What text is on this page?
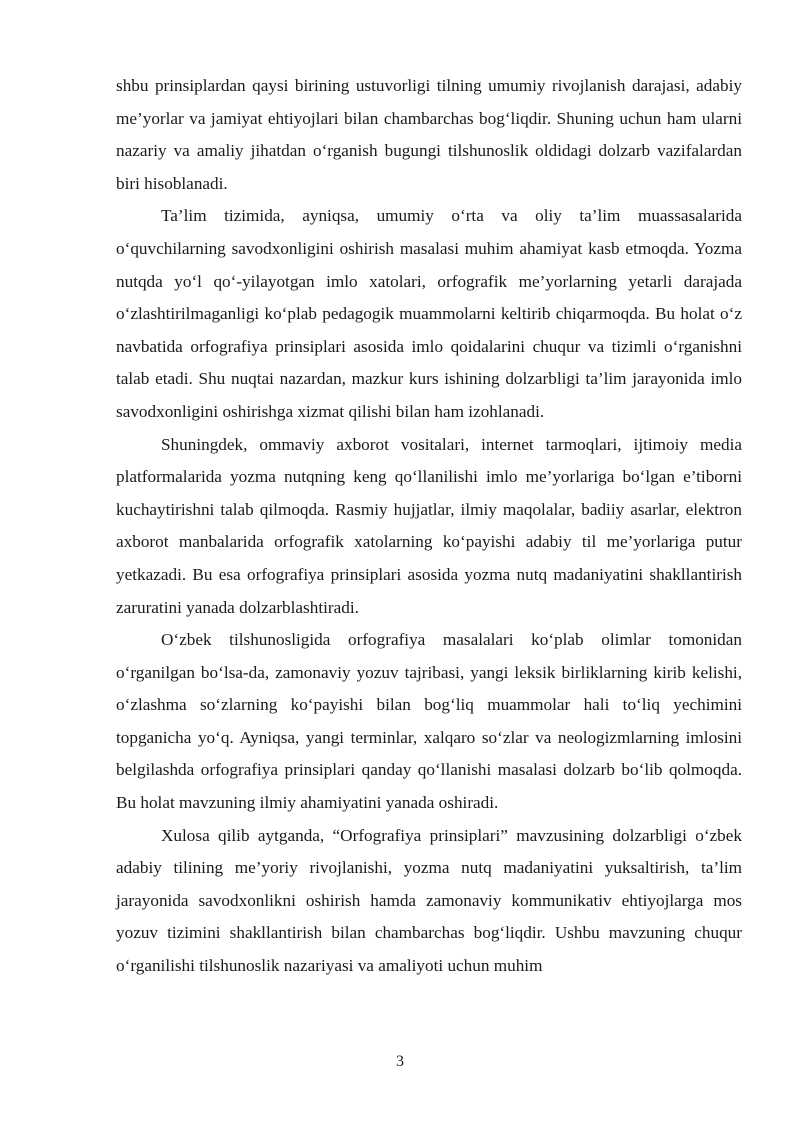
shbu prinsiplardan qaysi birining ustuvorligi tilning umumiy rivojlanish darajasi, adabiy me’yorlar va jamiyat ehtiyojlari bilan chambarchas bog‘liqdir. Shuning uchun ham ularni nazariy va amaliy jihatdan o‘rganish bugungi tilshunoslik oldidagi dolzarb vazifalardan biri hisoblanadi.

Ta’lim tizimida, ayniqsa, umumiy o‘rta va oliy ta’lim muassasalarida o‘quvchilarning savodxonligini oshirish masalasi muhim ahamiyat kasb etmoqda. Yozma nutqda yo‘l qo‘-yilayotgan imlo xatolari, orfografik me’yorlarning yetarli darajada o‘zlashtirilmaganligi ko‘plab pedagogik muammolarni keltirib chiqarmoqda. Bu holat o‘z navbatida orfografiya prinsiplari asosida imlo qoidalarini chuqur va tizimli o‘rganishni talab etadi. Shu nuqtai nazardan, mazkur kurs ishining dolzarbligi ta’lim jarayonida imlo savodxonligini oshirishga xizmat qilishi bilan ham izohlanadi.

Shuningdek, ommaviy axborot vositalari, internet tarmoqlari, ijtimoiy media platformalarida yozma nutqning keng qo‘llanilishi imlo me’yorlariga bo‘lgan e’tiborni kuchaytirishni talab qilmoqda. Rasmiy hujjatlar, ilmiy maqolalar, badiiy asarlar, elektron axborot manbalarida orfografik xatolarning ko‘payishi adabiy til me’yorlariga putur yetkazadi. Bu esa orfografiya prinsiplari asosida yozma nutq madaniyatini shakllantirish zaruratini yanada dolzarblashtiradi.

O‘zbek tilshunosligida orfografiya masalalari ko‘plab olimlar tomonidan o‘rganilgan bo‘lsa-da, zamonaviy yozuv tajribasi, yangi leksik birliklarning kirib kelishi, o‘zlashma so‘zlarning ko‘payishi bilan bog‘liq muammolar hali to‘liq yechimini topganicha yo‘q. Ayniqsa, yangi terminlar, xalqaro so‘zlar va neologizmlarning imlosini belgilashda orfografiya prinsiplari qanday qo‘llanishi masalasi dolzarb bo‘lib qolmoqda. Bu holat mavzuning ilmiy ahamiyatini yanada oshiradi.

Xulosa qilib aytganda, “Orfografiya prinsiplari” mavzusining dolzarbligi o‘zbek adabiy tilining me’yoriy rivojlanishi, yozma nutq madaniyatini yuksaltirish, ta’lim jarayonida savodxonlikni oshirish hamda zamonaviy kommunikativ ehtiyojlarga mos yozuv tizimini shakllantirish bilan chambarchas bog‘liqdir. Ushbu mavzuning chuqur o‘rganilishi tilshunoslik nazariyasi va amaliyoti uchun muhim

3
